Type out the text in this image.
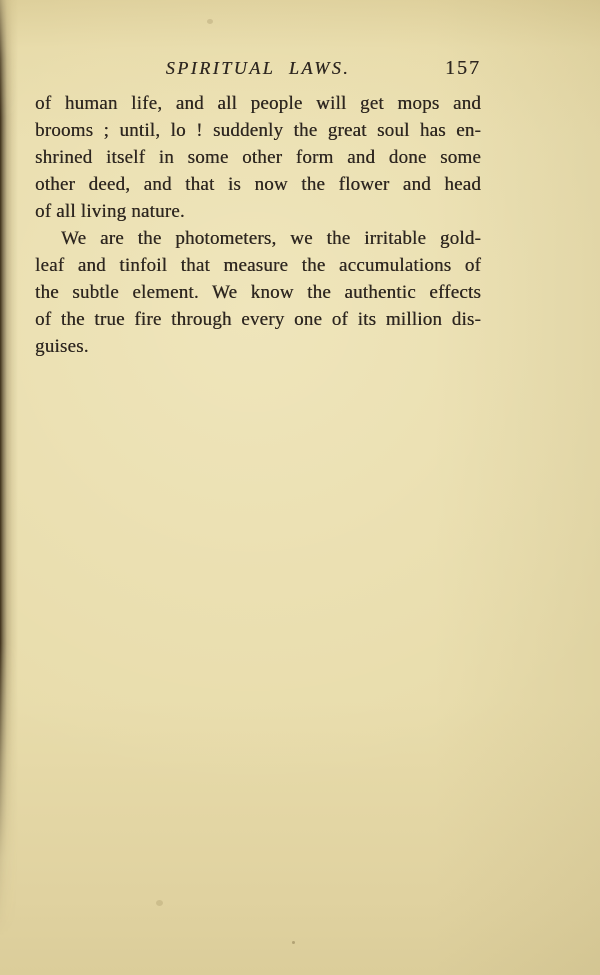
SPIRITUAL LAWS.	157
of human life, and all people will get mops and
brooms ; until, lo ! suddenly the great soul has en-
shrined itself in some other form and done some
other deed, and that is now the flower and head
of all living nature.
We are the photometers, we the irritable gold-
leaf and tinfoil that measure the accumulations of
the subtle element. We know the authentic effects
of the true fire through every one of its million dis-
guises.
